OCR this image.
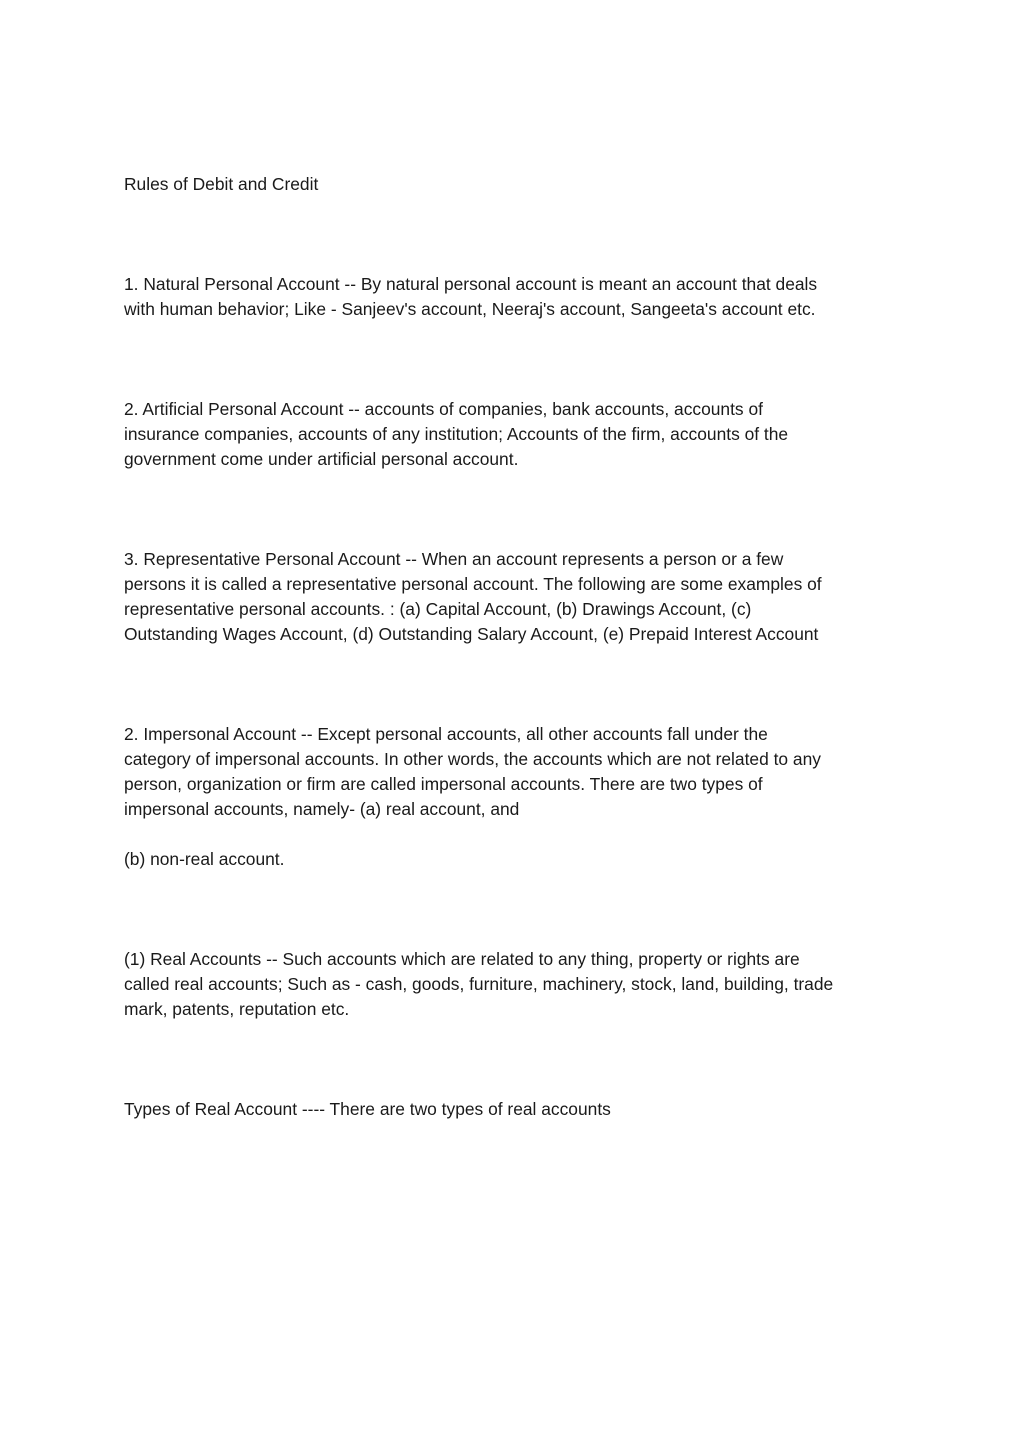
Rules of Debit and Credit

1. Natural Personal Account -- By natural personal account is meant an account that deals

with human behavior; Like - Sanjeev's account, Neeraj's account, Sangeeta's account etc.

2. Artificial Personal Account -- accounts of companies, bank accounts, accounts of

insurance companies, accounts of any institution; Accounts of the firm, accounts of the

government come under artificial personal account.

3. Representative Personal Account -- When an account represents a person or a few

persons it is called a representative personal account. The following are some examples of

representative personal accounts. : (a) Capital Account, (b) Drawings Account, (c)

Outstanding Wages Account, (d) Outstanding Salary Account, (e) Prepaid Interest Account

2. Impersonal Account -- Except personal accounts, all other accounts fall under the

category of impersonal accounts. In other words, the accounts which are not related to any

person, organization or firm are called impersonal accounts. There are two types of

impersonal accounts, namely- (a) real account, and

(b) non-real account.

(1) Real Accounts -- Such accounts which are related to any thing, property or rights are

called real accounts; Such as - cash, goods, furniture, machinery, stock, land, building, trade

mark, patents, reputation etc.

Types of Real Account ---- There are two types of real accounts
